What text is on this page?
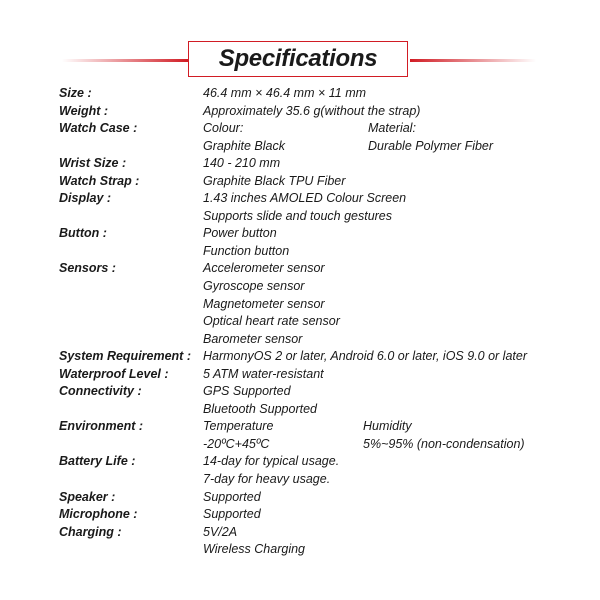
Specifications
Size :	46.4 mm × 46.4 mm × 11 mm
Weight :	Approximately 35.6 g(without the strap)
Watch Case :	Colour:	Material:
Graphite Black	Durable Polymer Fiber
Wrist Size :	140 - 210 mm
Watch Strap :	Graphite Black TPU Fiber
Display :	1.43 inches AMOLED Colour Screen
Supports slide and touch gestures
Button :	Power button
Function button
Sensors :	Accelerometer sensor
Gyroscope sensor
Magnetometer sensor
Optical heart rate sensor
Barometer sensor
System Requirement : HarmonyOS 2 or later, Android 6.0 or later, iOS 9.0 or later
Waterproof Level :	5 ATM water-resistant
Connectivity :	GPS Supported
Bluetooth Supported
Environment :	Temperature	Humidity
-20ºC+45ºC	5%~95% (non-condensation)
Battery Life :	14-day for typical usage.
7-day for heavy usage.
Speaker :	Supported
Microphone :	Supported
Charging :	5V/2A
Wireless Charging
